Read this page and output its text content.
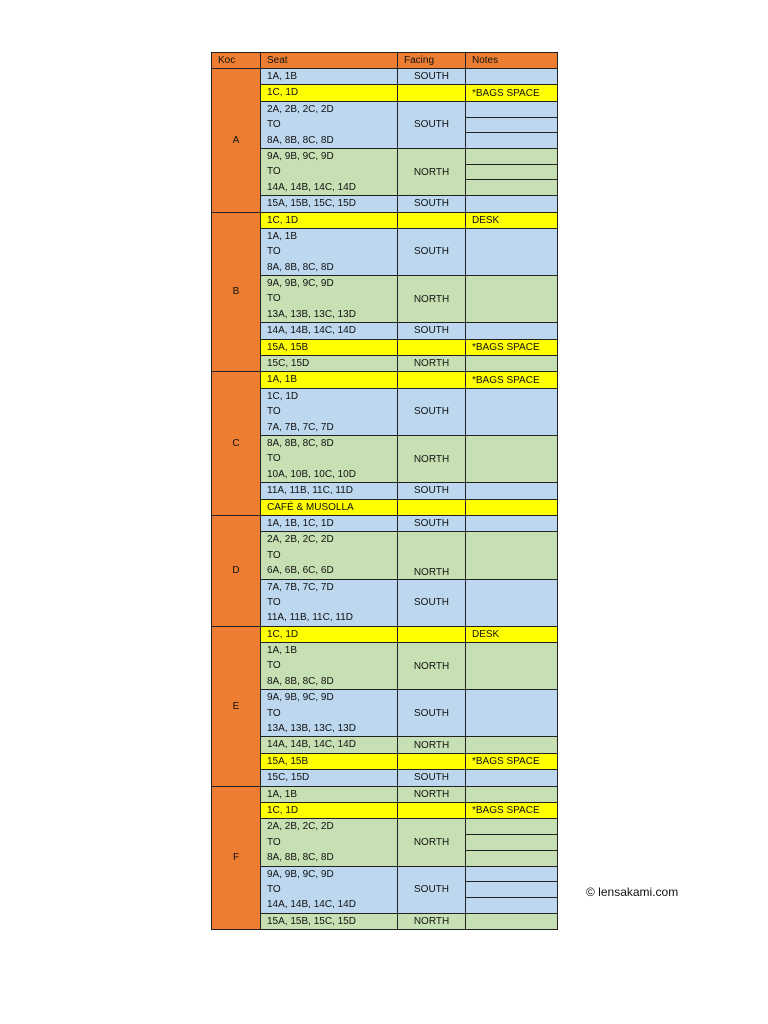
Koc	Seat	Facing	Notes
A	1A, 1B	SOUTH	

	1C, 1D		*BAGS SPACE

	2A, 2B, 2C, 2D
TO
8A, 8B, 8C, 8D	SOUTH	

	9A, 9B, 9C, 9D
TO
14A, 14B, 14C, 14D	NORTH	

	15A, 15B, 15C, 15D	SOUTH	
B	1C, 1D		DESK

	1A, 1B
TO
8A, 8B, 8C, 8D	SOUTH	

	9A, 9B, 9C, 9D
TO
13A, 13B, 13C, 13D	NORTH	

	14A, 14B, 14C, 14D	SOUTH	

	15A, 15B		*BAGS SPACE

	15C, 15D	NORTH	
C	1A, 1B		*BAGS SPACE

	1C, 1D
TO
7A, 7B, 7C, 7D	SOUTH	

	8A, 8B, 8C, 8D
TO
10A, 10B, 10C, 10D	NORTH	

	11A, 11B, 11C, 11D	SOUTH	

	CAFÉ & MUSOLLA		

D	1A, 1B, 1C, 1D	SOUTH	

	2A, 2B, 2C, 2D
TO
6A, 6B, 6C, 6D	NORTH	

	7A, 7B, 7C, 7D
TO
11A, 11B, 11C, 11D	SOUTH	
E	1C, 1D		DESK

	1A, 1B
TO
8A, 8B, 8C, 8D	NORTH	

	9A, 9B, 9C, 9D
TO
13A, 13B, 13C, 13D	SOUTH	

	14A, 14B, 14C, 14D	NORTH	

	15A, 15B		*BAGS SPACE

	15C, 15D	SOUTH	
F	1A, 1B	NORTH	

	1C, 1D		*BAGS SPACE

	2A, 2B, 2C, 2D
TO
8A, 8B, 8C, 8D	NORTH	

	9A, 9B, 9C, 9D
TO
14A, 14B, 14C, 14D	SOUTH	

	15A, 15B, 15C, 15D	NORTH	
© lensakami.com
